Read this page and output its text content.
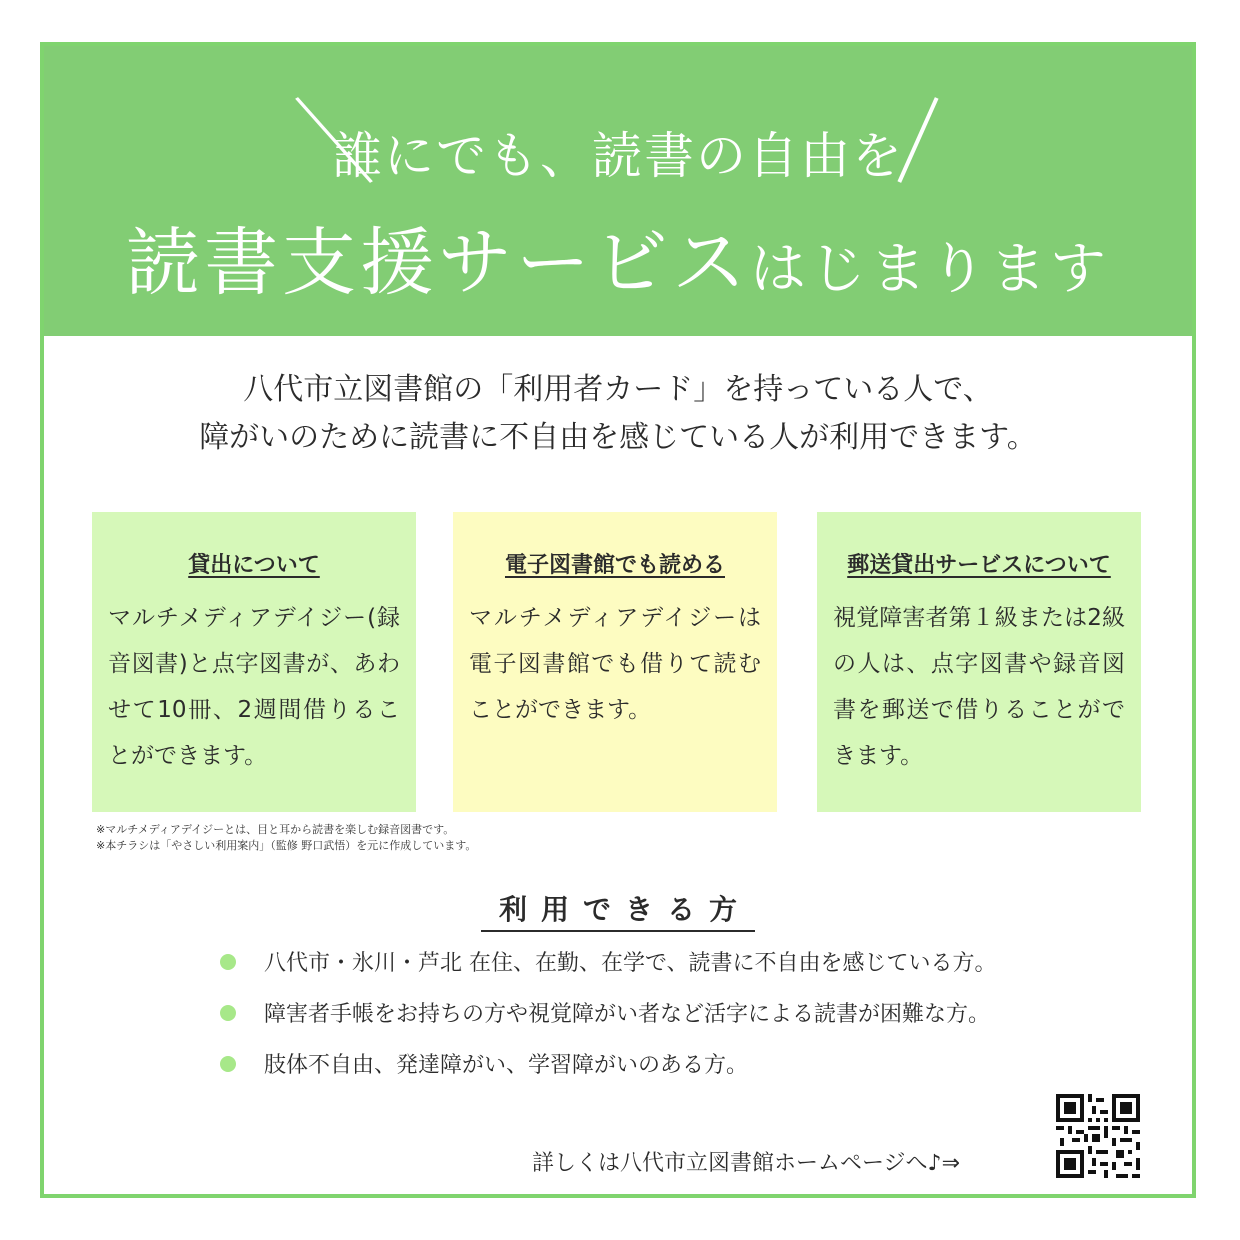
誰にでも、読書の自由を
読書支援サービスはじまります
八代市立図書館の「利用者カード」を持っている人で、
障がいのために読書に不自由を感じている人が利用できます。
貸出について
マルチメディアデイジー(録音図書)と点字図書が、あわせて10冊、2週間借りることができます。
電子図書館でも読める
マルチメディアデイジーは電子図書館でも借りて読むことができます。
郵送貸出サービスについて
視覚障害者第１級または2級の人は、点字図書や録音図書を郵送で借りることができます。
※マルチメディアデイジーとは、目と耳から読書を楽しむ録音図書です。
※本チラシは「やさしい利用案内」（監修 野口武悟）を元に作成しています。
利用できる方
八代市・氷川・芦北 在住、在勤、在学で、読書に不自由を感じている方。
障害者手帳をお持ちの方や視覚障がい者など活字による読書が困難な方。
肢体不自由、発達障がい、学習障がいのある方。
詳しくは八代市立図書館ホームページへ♪⇒
